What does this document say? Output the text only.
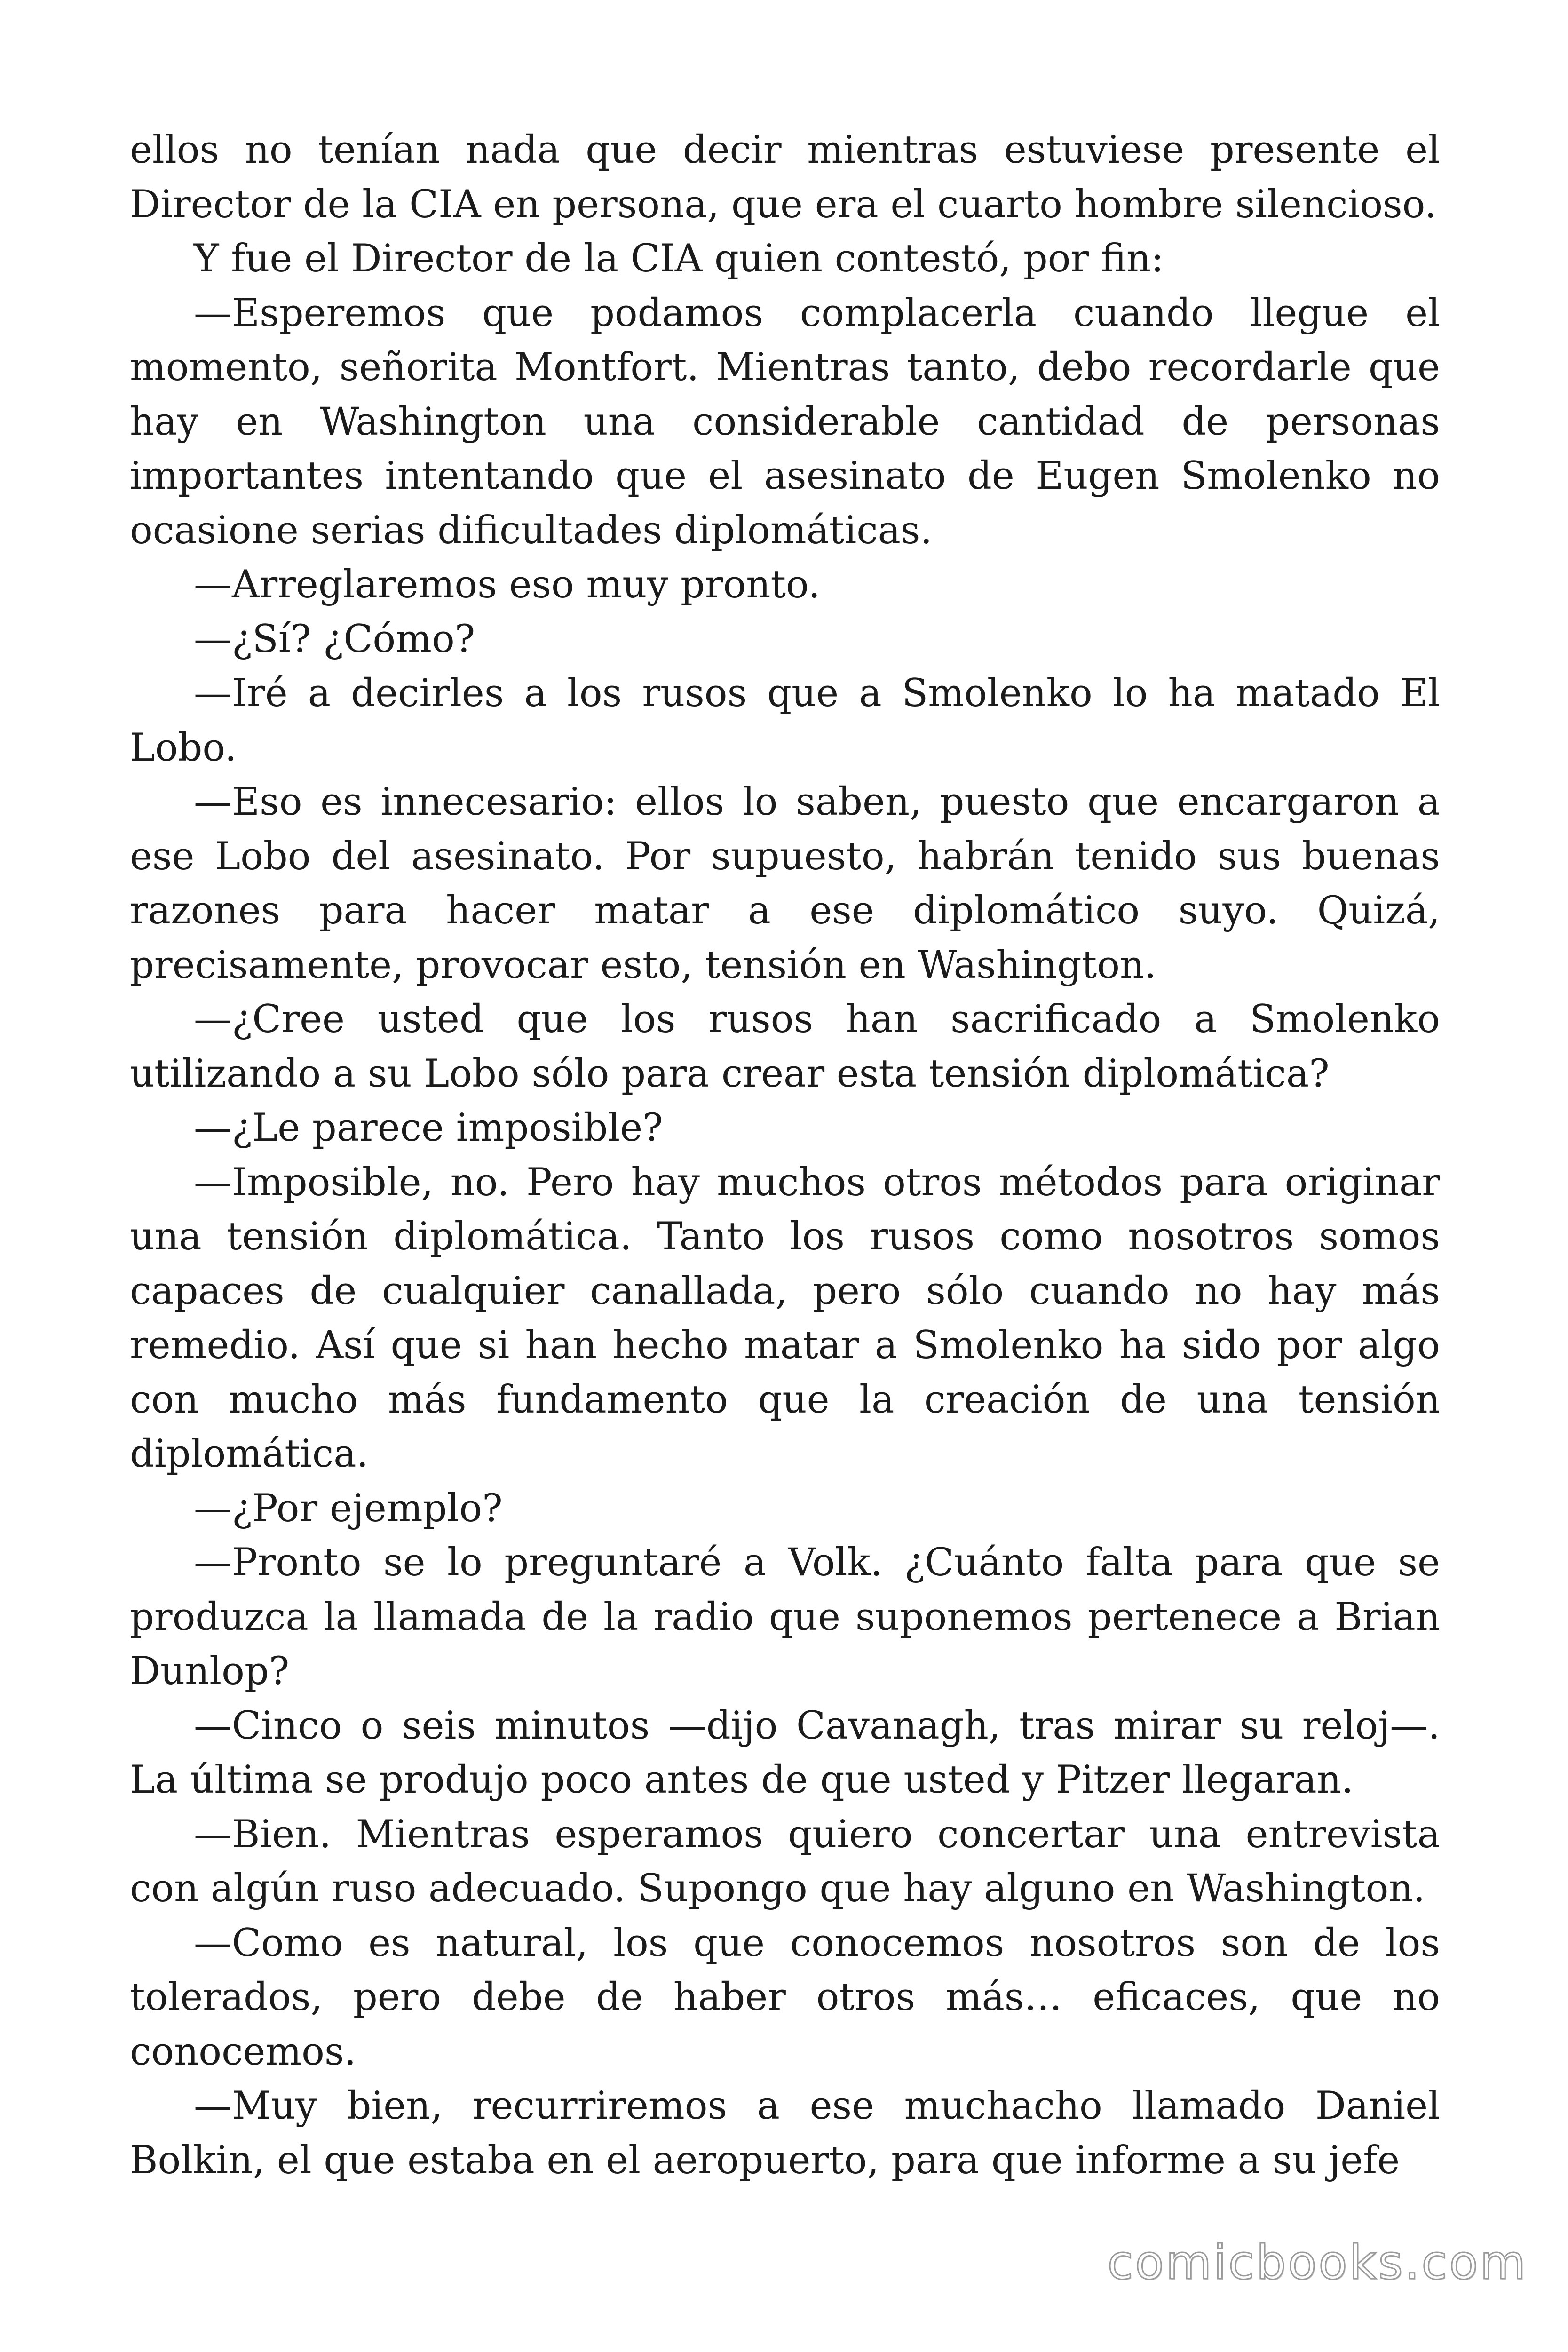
ellos no tenían nada que decir mientras estuviese presente el Director de la CIA en persona, que era el cuarto hombre silencioso.

Y fue el Director de la CIA quien contestó, por fin:

—Esperemos que podamos complacerla cuando llegue el momento, señorita Montfort. Mientras tanto, debo recordarle que hay en Washington una considerable cantidad de personas importantes intentando que el asesinato de Eugen Smolenko no ocasione serias dificultades diplomáticas.

—Arreglaremos eso muy pronto.

—¿Sí? ¿Cómo?

—Iré a decirles a los rusos que a Smolenko lo ha matado El Lobo.

—Eso es innecesario: ellos lo saben, puesto que encargaron a ese Lobo del asesinato. Por supuesto, habrán tenido sus buenas razones para hacer matar a ese diplomático suyo. Quizá, precisamente, provocar esto, tensión en Washington.

—¿Cree usted que los rusos han sacrificado a Smolenko utilizando a su Lobo sólo para crear esta tensión diplomática?

—¿Le parece imposible?

—Imposible, no. Pero hay muchos otros métodos para originar una tensión diplomática. Tanto los rusos como nosotros somos capaces de cualquier canallada, pero sólo cuando no hay más remedio. Así que si han hecho matar a Smolenko ha sido por algo con mucho más fundamento que la creación de una tensión diplomática.

—¿Por ejemplo?

—Pronto se lo preguntaré a Volk. ¿Cuánto falta para que se produzca la llamada de la radio que suponemos pertenece a Brian Dunlop?

—Cinco o seis minutos —dijo Cavanagh, tras mirar su reloj—. La última se produjo poco antes de que usted y Pitzer llegaran.

—Bien. Mientras esperamos quiero concertar una entrevista con algún ruso adecuado. Supongo que hay alguno en Washington.

—Como es natural, los que conocemos nosotros son de los tolerados, pero debe de haber otros más… eficaces, que no conocemos.

—Muy bien, recurriremos a ese muchacho llamado Daniel Bolkin, el que estaba en el aeropuerto, para que informe a su jefe

comicbooks.com
